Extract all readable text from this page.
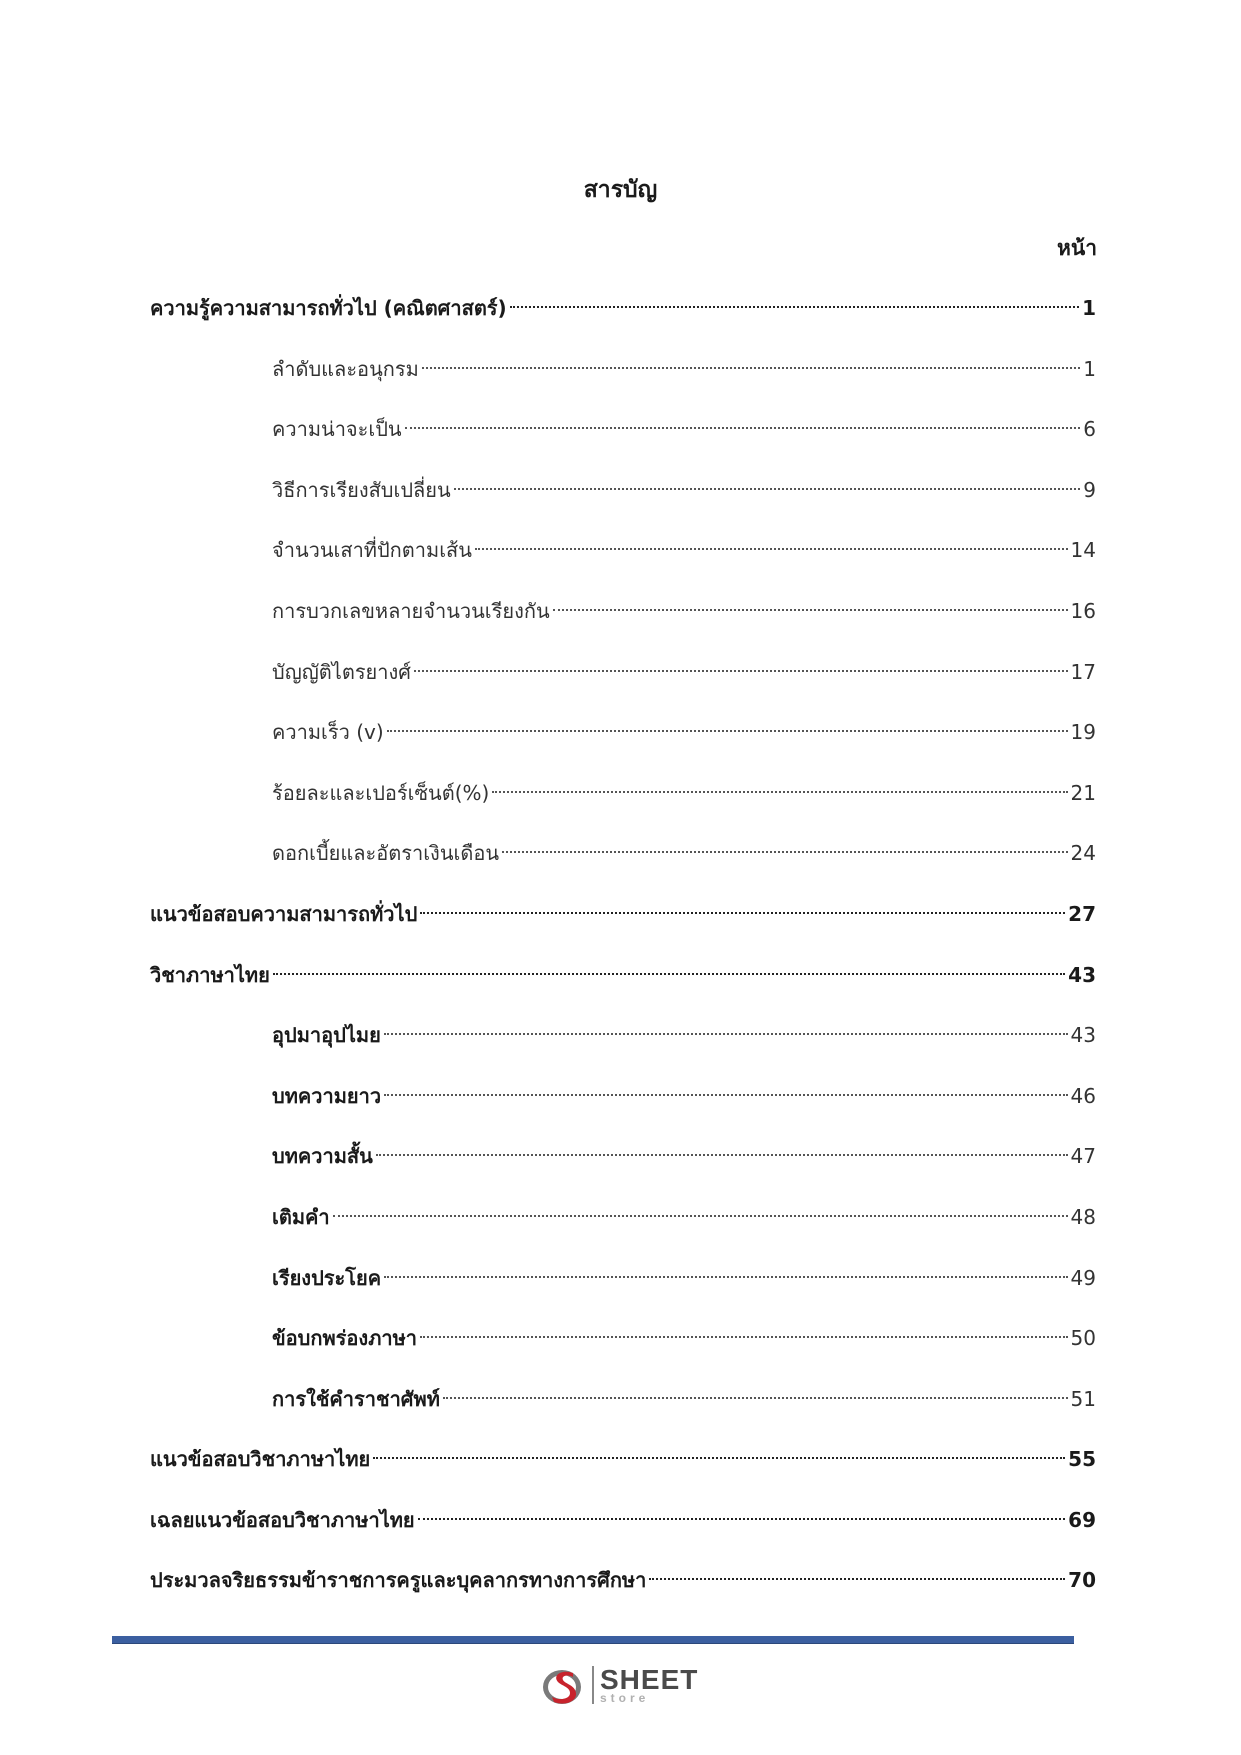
สารบัญ
หน้า
ความรู้ความสามารถทั่วไป (คณิตศาสตร์)	1
ลำดับและอนุกรม	1
ความน่าจะเป็น	6
วิธีการเรียงสับเปลี่ยน	9
จำนวนเสาที่ปักตามเส้น	14
การบวกเลขหลายจำนวนเรียงกัน	16
บัญญัติไตรยางศ์	17
ความเร็ว (v)	19
ร้อยละและเปอร์เซ็นต์(%)	21
ดอกเบี้ยและอัตราเงินเดือน	24
แนวข้อสอบความสามารถทั่วไป	27
วิชาภาษาไทย	43
อุปมาอุปไมย	43
บทความยาว	46
บทความสั้น	47
เติมคำ	48
เรียงประโยค	49
ข้อบกพร่องภาษา	50
การใช้คำราชาศัพท์	51
แนวข้อสอบวิชาภาษาไทย	55
เฉลยแนวข้อสอบวิชาภาษาไทย	69
ประมวลจริยธรรมข้าราชการครูและบุคลากรทางการศึกษา	70
SHEET
store
